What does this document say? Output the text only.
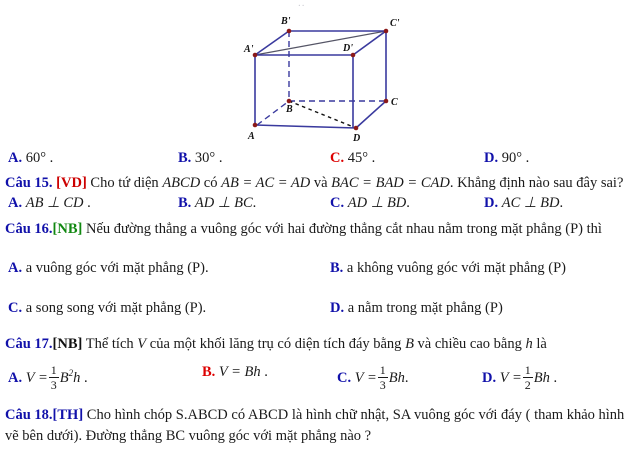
..
B'	C'
A'	D'
B
C
A	D
A. 60° .	B. 30° .	C. 45° .	D. 90° .
Câu 15. [VD] Cho tứ diện ABCD có AB = AC = AD và BAC = BAD = CAD. Khẳng định nào sau đây sai?
A. AB ⊥ CD .	B. AD ⊥ BC.	C. AD ⊥ BD.	D. AC ⊥ BD.
Câu 16.[NB] Nếu đường thẳng a vuông góc với hai đường thẳng cắt nhau nằm trong mặt phẳng (P) thì
A. a vuông góc với mặt phẳng (P).	B. a không vuông góc với mặt phẳng (P)
C. a song song với mặt phẳng (P).	D. a nằm trong mặt phẳng (P)
Câu 17.[NB] Thể tích V của một khối lăng trụ có diện tích đáy bằng B và chiều cao bằng h là
A. $V = \frac{1}{3} B^2h$ .	B. V = Bh .	C. $V = \frac{1}{3} Bh$.	D. $V = \frac{1}{2}$ Bh .
Câu 18.[TH] Cho hình chóp S.ABCD có ABCD là hình chữ nhật, SA vuông góc với đáy ( tham khảo hình
vẽ bên dưới). Đường thẳng BC vuông góc với mặt phẳng nào ?
